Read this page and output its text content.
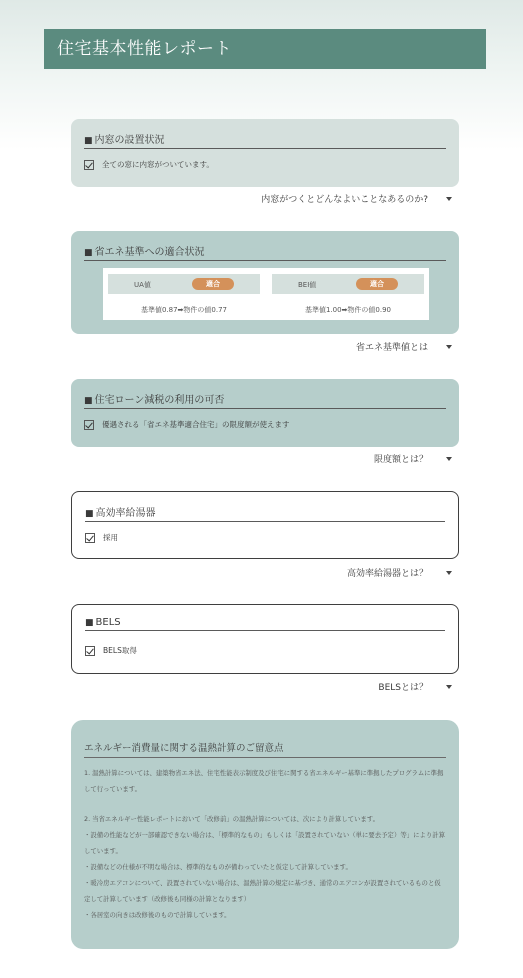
住宅基本性能レポート
■ 内窓の設置状況
全ての窓に内窓がついています。
内窓がつくとどんなよいことなあるのか?
■ 省エネ基準への適合状況
UA値	適合	BEI値	適合
基準値0.87➡物件の値0.77	基準値1.00➡物件の値0.90
省エネ基準値とは
■ 住宅ローン減税の利用の可否
優遇される「省エネ基準適合住宅」の限度額が使えます
限度額とは？
■ 高効率給湯器
採用
高効率給湯器とは？
■ BELS
BELS取得
BELSとは？
エネルギー消費量に関する温熱計算のご留意点

1. 温熱計算については、建築物省エネ法、住宅性能表示制度及び住宅に関する省エネルギー基準に準拠したプログラムに準拠して行っています。

2. 当省エネルギー性能レポートにおいて「改修前」の温熱計算については、次により計算しています。

・設備の性能などが一部確認できない場合は、「標準的なもの」もしくは「設置されていない（単に要去予定）等」により計算しています。

・設備などの仕様が不明な場合は、標準的なものが備わっていたと仮定して計算しています。

・暖冷房エアコンについて、設置されていない場合は、温熱計算の規定に基づき、通常のエアコンが設置されているものと仮定して計算しています（改修後も同様の計算となります）

・各居室の向きは改修後のもので計算しています。
